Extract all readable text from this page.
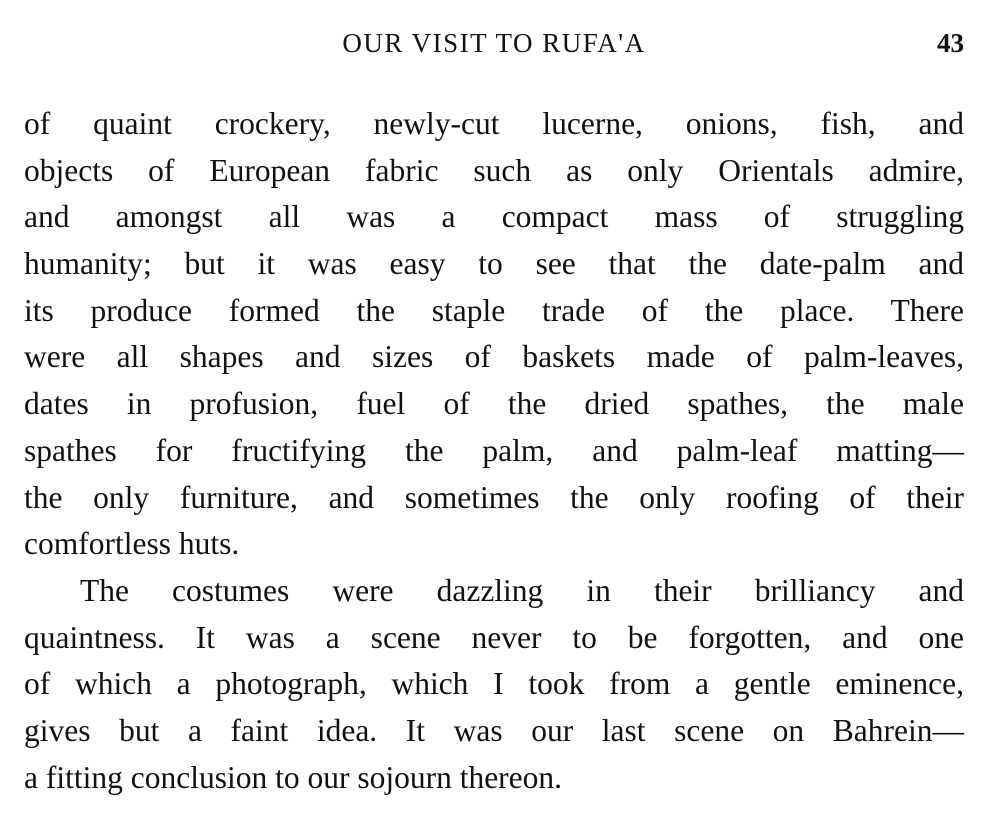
OUR VISIT TO RUFA'A	43
of quaint crockery, newly-cut lucerne, onions, fish, and
objects of European fabric such as only Orientals admire,
and amongst all was a compact mass of struggling
humanity; but it was easy to see that the date-palm and
its produce formed the staple trade of the place. There
were all shapes and sizes of baskets made of palm-leaves,
dates in profusion, fuel of the dried spathes, the male
spathes for fructifying the palm, and palm-leaf matting—
the only furniture, and sometimes the only roofing of their
comfortless huts.
The costumes were dazzling in their brilliancy and
quaintness. It was a scene never to be forgotten, and one
of which a photograph, which I took from a gentle eminence,
gives but a faint idea. It was our last scene on Bahrein—
a fitting conclusion to our sojourn thereon.
